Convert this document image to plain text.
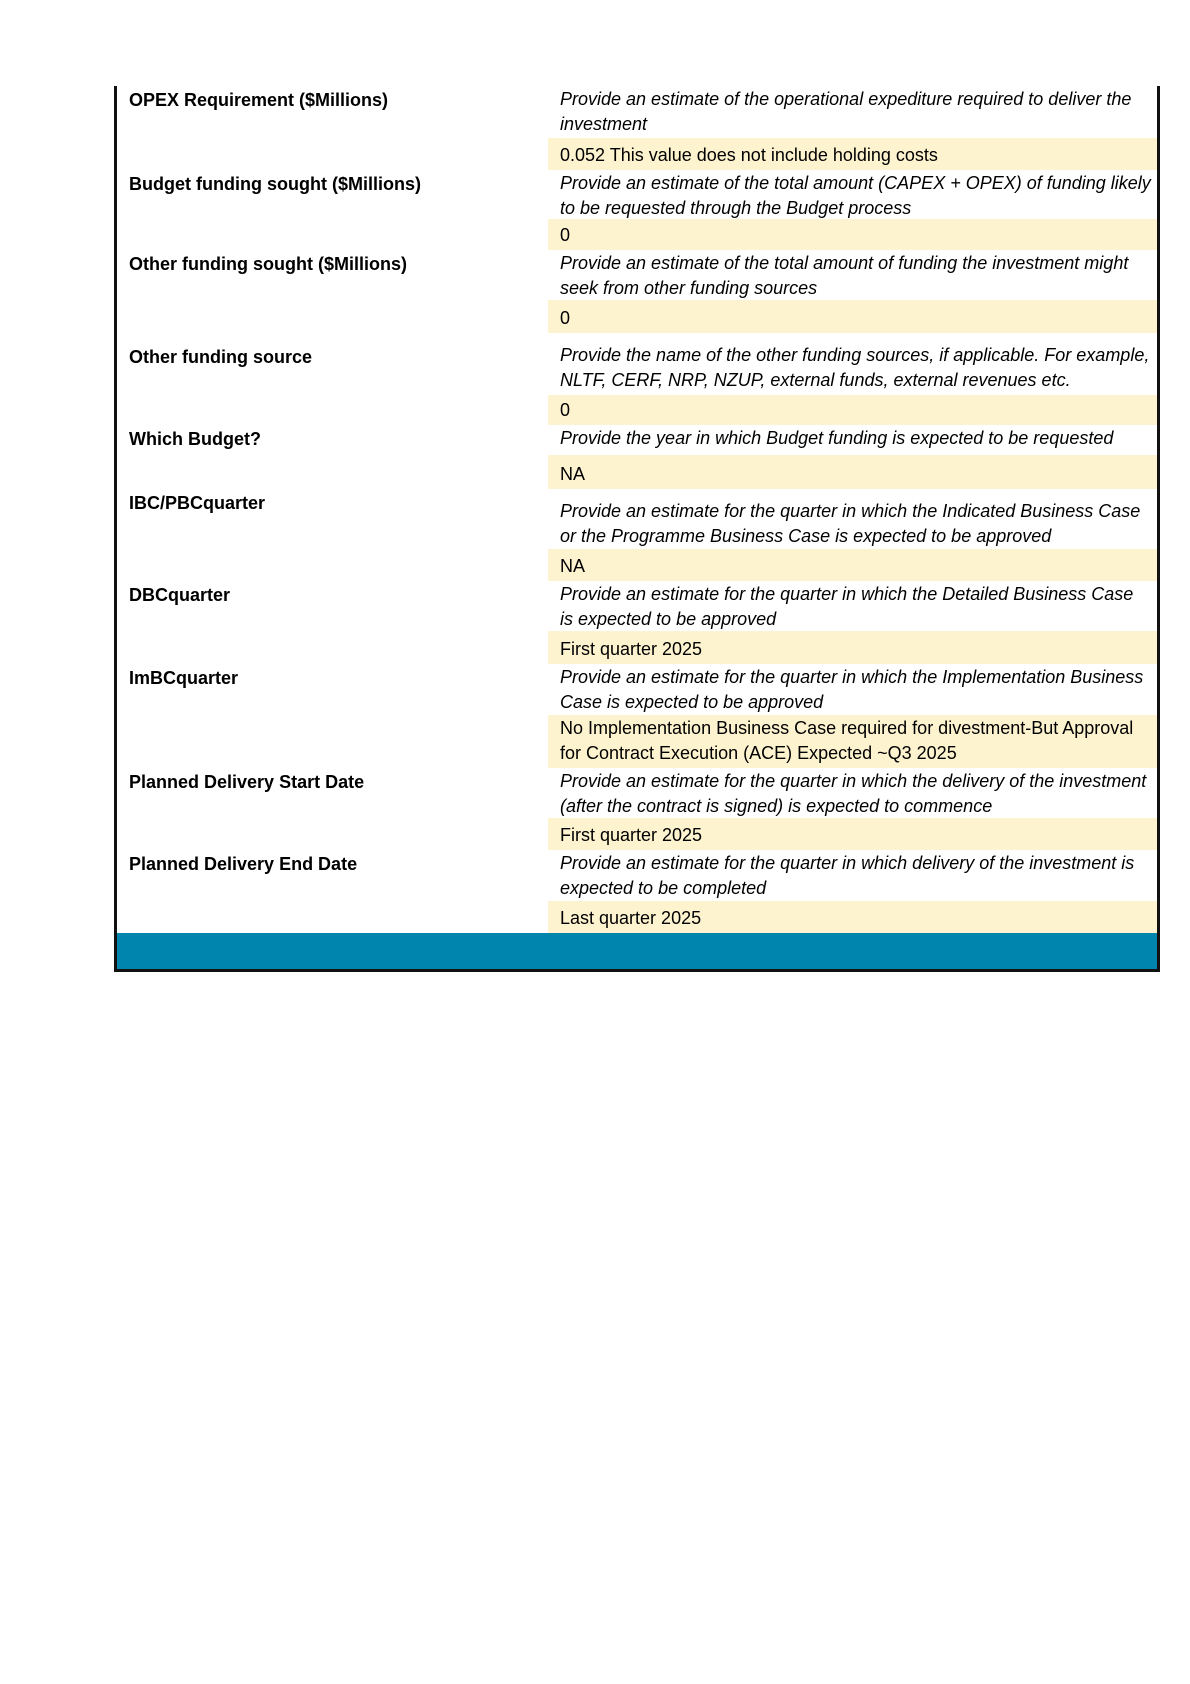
OPEX Requirement ($Millions)	Provide an estimate of the operational expediture required to deliver the investment
0.052 This value does not include holding costs
Budget funding sought ($Millions)	Provide an estimate of the total amount (CAPEX + OPEX) of funding likely to be requested through the Budget process
0
Other funding sought ($Millions)	Provide an estimate of the total amount of funding the investment might seek from other funding sources
0
Other funding source	Provide the name of the other funding sources, if applicable. For example, NLTF, CERF, NRP, NZUP, external funds, external revenues etc.
0
Which Budget?	Provide the year in which Budget funding is expected to be requested
NA
IBC/PBCquarter	Provide an estimate for the quarter in which the Indicated Business Case or the Programme Business Case is expected to be approved
NA
DBCquarter	Provide an estimate for the quarter in which the Detailed Business Case is expected to be approved
First quarter 2025
ImBCquarter	Provide an estimate for the quarter in which the Implementation Business Case is expected to be approved
No Implementation Business Case required for divestment-But Approval for Contract Execution (ACE) Expected ~Q3 2025
Planned Delivery Start Date	Provide an estimate for the quarter in which the delivery of the investment (after the contract is signed) is expected to commence
First quarter 2025
Planned Delivery End Date	Provide an estimate for the quarter in which delivery of the investment is expected to be completed
Last quarter 2025
